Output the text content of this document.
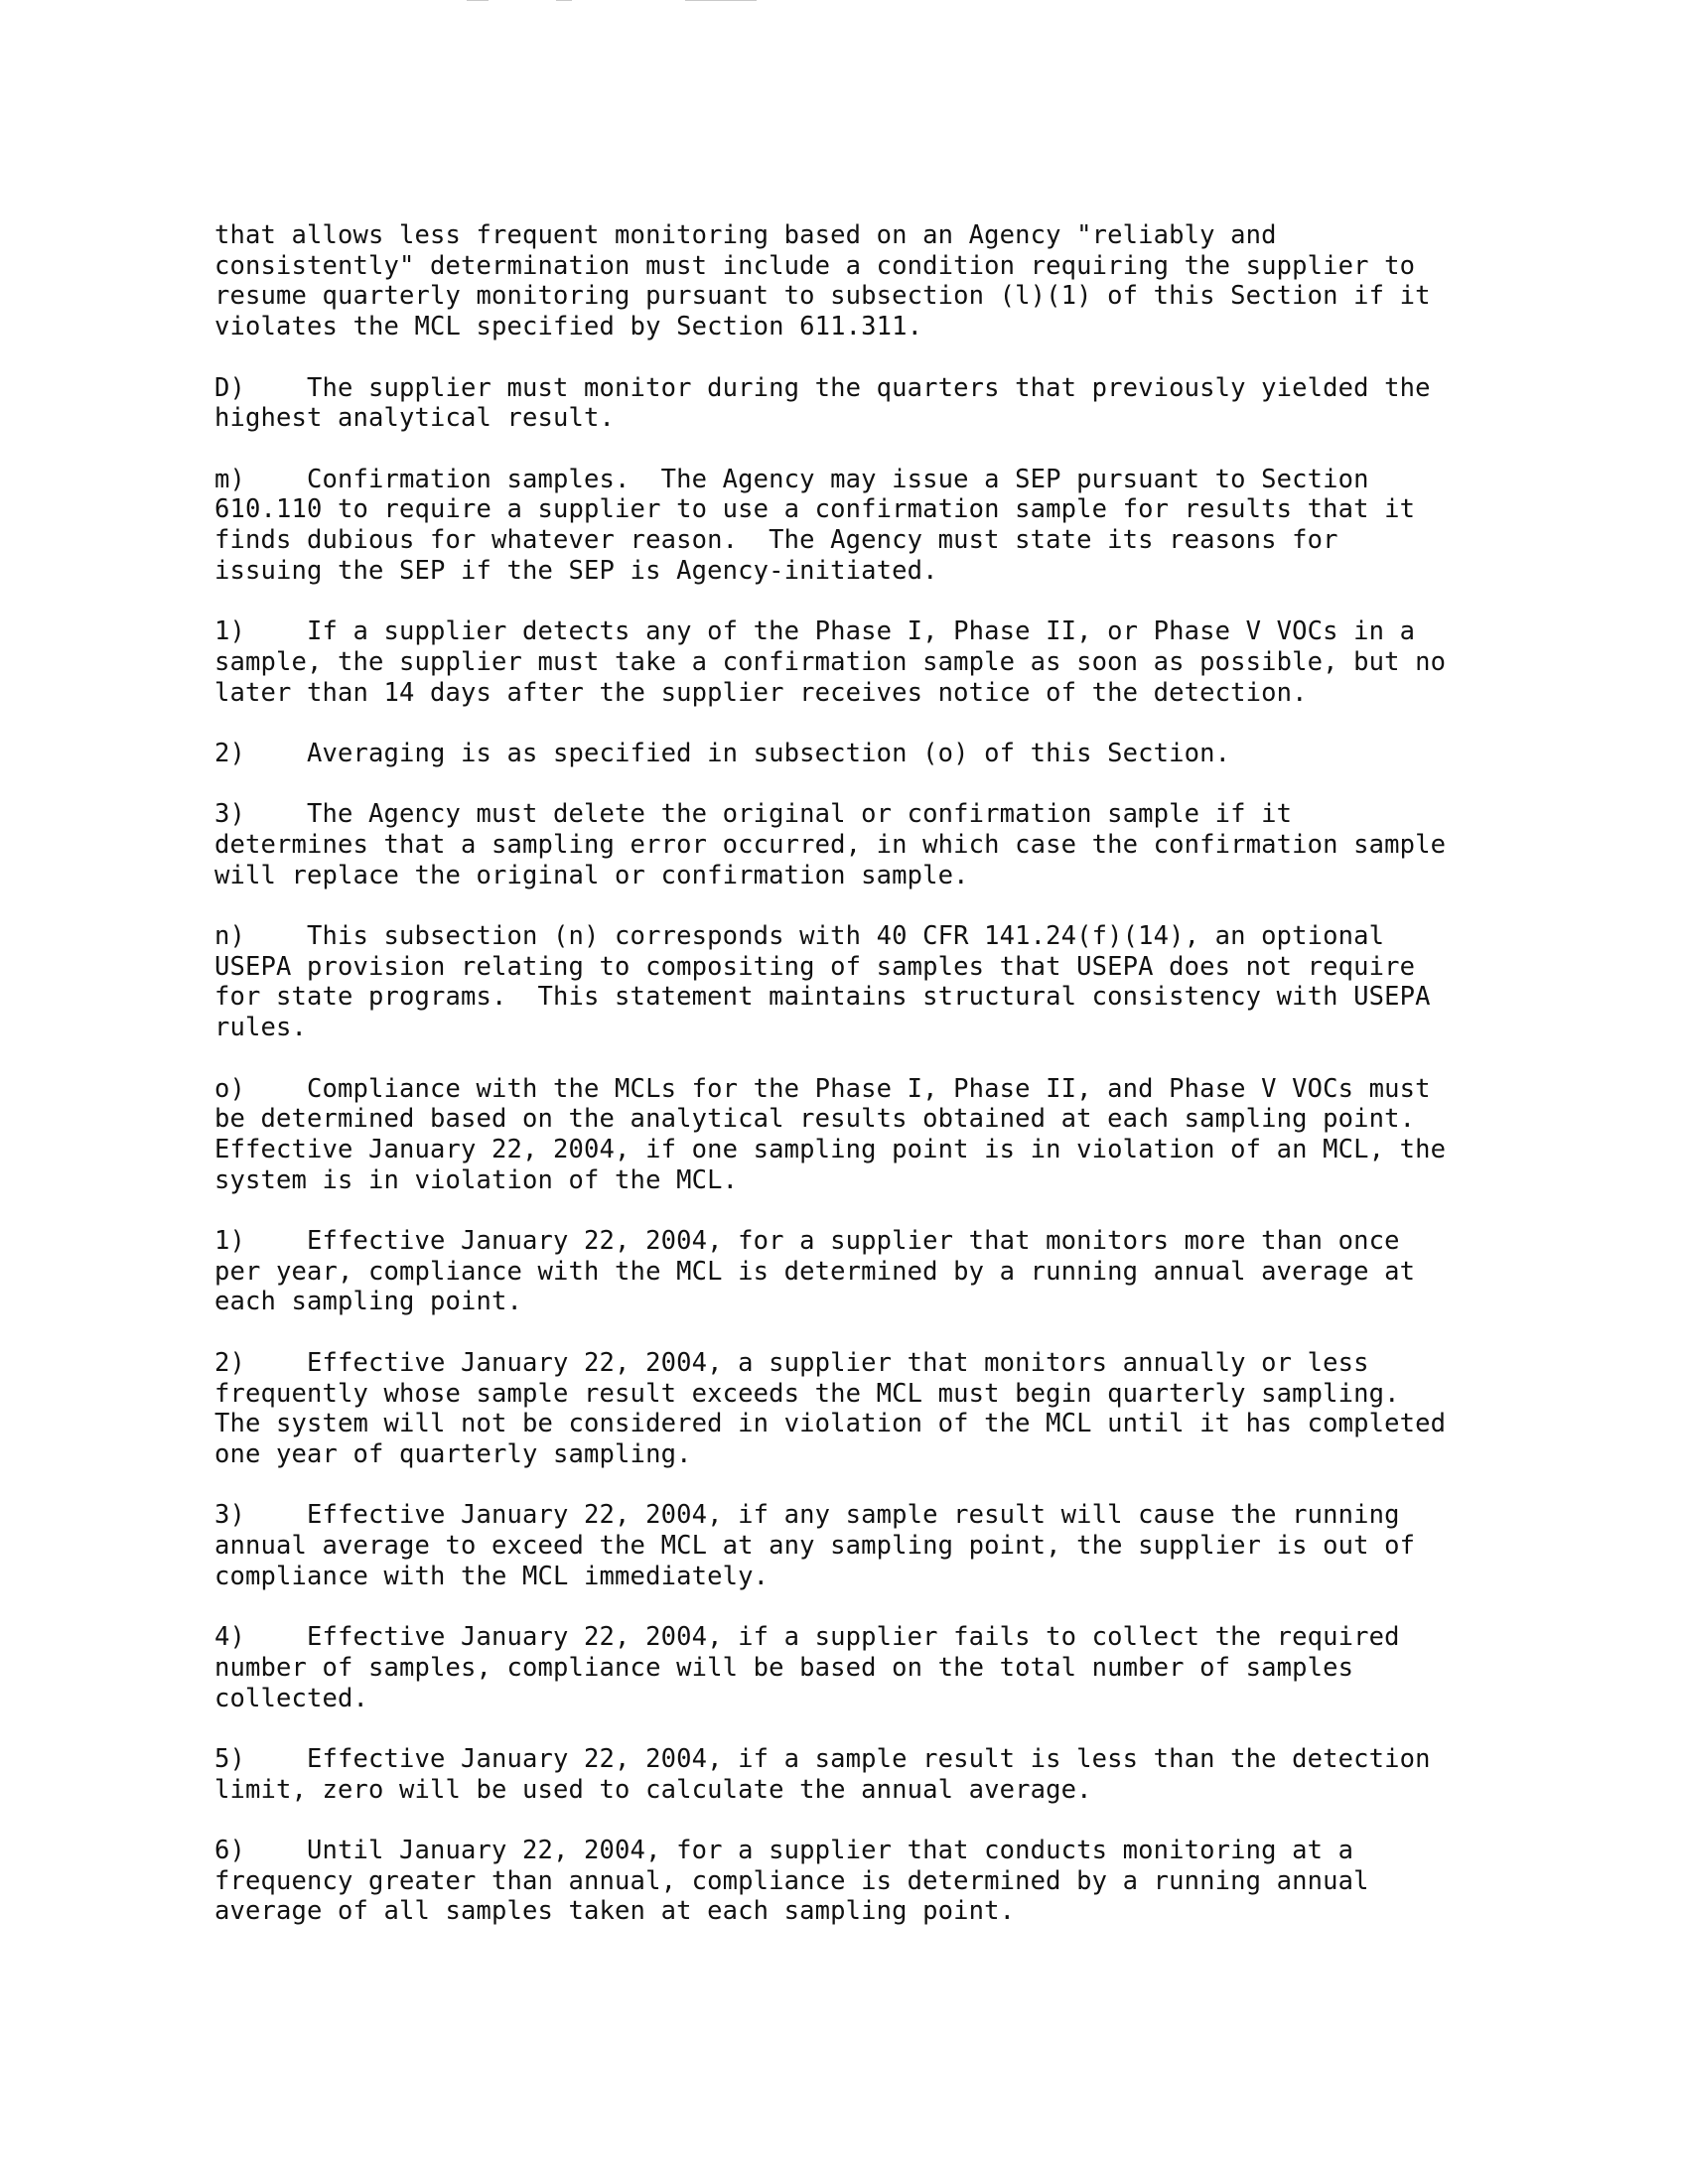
that allows less frequent monitoring based on an Agency "reliably and
consistently" determination must include a condition requiring the supplier to
resume quarterly monitoring pursuant to subsection (l)(1) of this Section if it
violates the MCL specified by Section 611.311.
D)    The supplier must monitor during the quarters that previously yielded the
highest analytical result.
m)    Confirmation samples.  The Agency may issue a SEP pursuant to Section
610.110 to require a supplier to use a confirmation sample for results that it
finds dubious for whatever reason.  The Agency must state its reasons for
issuing the SEP if the SEP is Agency-initiated.
1)    If a supplier detects any of the Phase I, Phase II, or Phase V VOCs in a
sample, the supplier must take a confirmation sample as soon as possible, but no
later than 14 days after the supplier receives notice of the detection.
2)    Averaging is as specified in subsection (o) of this Section.
3)    The Agency must delete the original or confirmation sample if it
determines that a sampling error occurred, in which case the confirmation sample
will replace the original or confirmation sample.
n)    This subsection (n) corresponds with 40 CFR 141.24(f)(14), an optional
USEPA provision relating to compositing of samples that USEPA does not require
for state programs.  This statement maintains structural consistency with USEPA
rules.
o)    Compliance with the MCLs for the Phase I, Phase II, and Phase V VOCs must
be determined based on the analytical results obtained at each sampling point.
Effective January 22, 2004, if one sampling point is in violation of an MCL, the
system is in violation of the MCL.
1)    Effective January 22, 2004, for a supplier that monitors more than once
per year, compliance with the MCL is determined by a running annual average at
each sampling point.
2)    Effective January 22, 2004, a supplier that monitors annually or less
frequently whose sample result exceeds the MCL must begin quarterly sampling.
The system will not be considered in violation of the MCL until it has completed
one year of quarterly sampling.
3)    Effective January 22, 2004, if any sample result will cause the running
annual average to exceed the MCL at any sampling point, the supplier is out of
compliance with the MCL immediately.
4)    Effective January 22, 2004, if a supplier fails to collect the required
number of samples, compliance will be based on the total number of samples
collected.
5)    Effective January 22, 2004, if a sample result is less than the detection
limit, zero will be used to calculate the annual average.
6)    Until January 22, 2004, for a supplier that conducts monitoring at a
frequency greater than annual, compliance is determined by a running annual
average of all samples taken at each sampling point.
